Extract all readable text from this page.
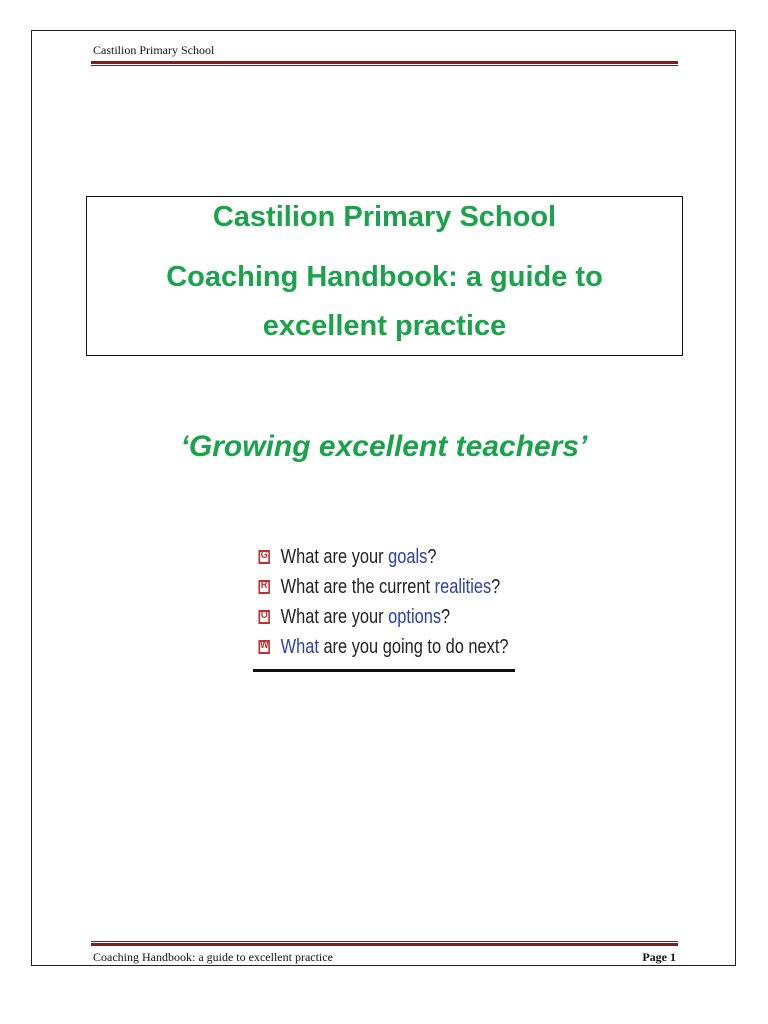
Castilion Primary School
Castilion Primary School
Coaching Handbook: a guide to
excellent practice
‘Growing excellent teachers’
G What are your goals?
R What are the current realities?
O What are your options?
W What are you going to do next?
Coaching Handbook: a guide to excellent practice	Page 1
